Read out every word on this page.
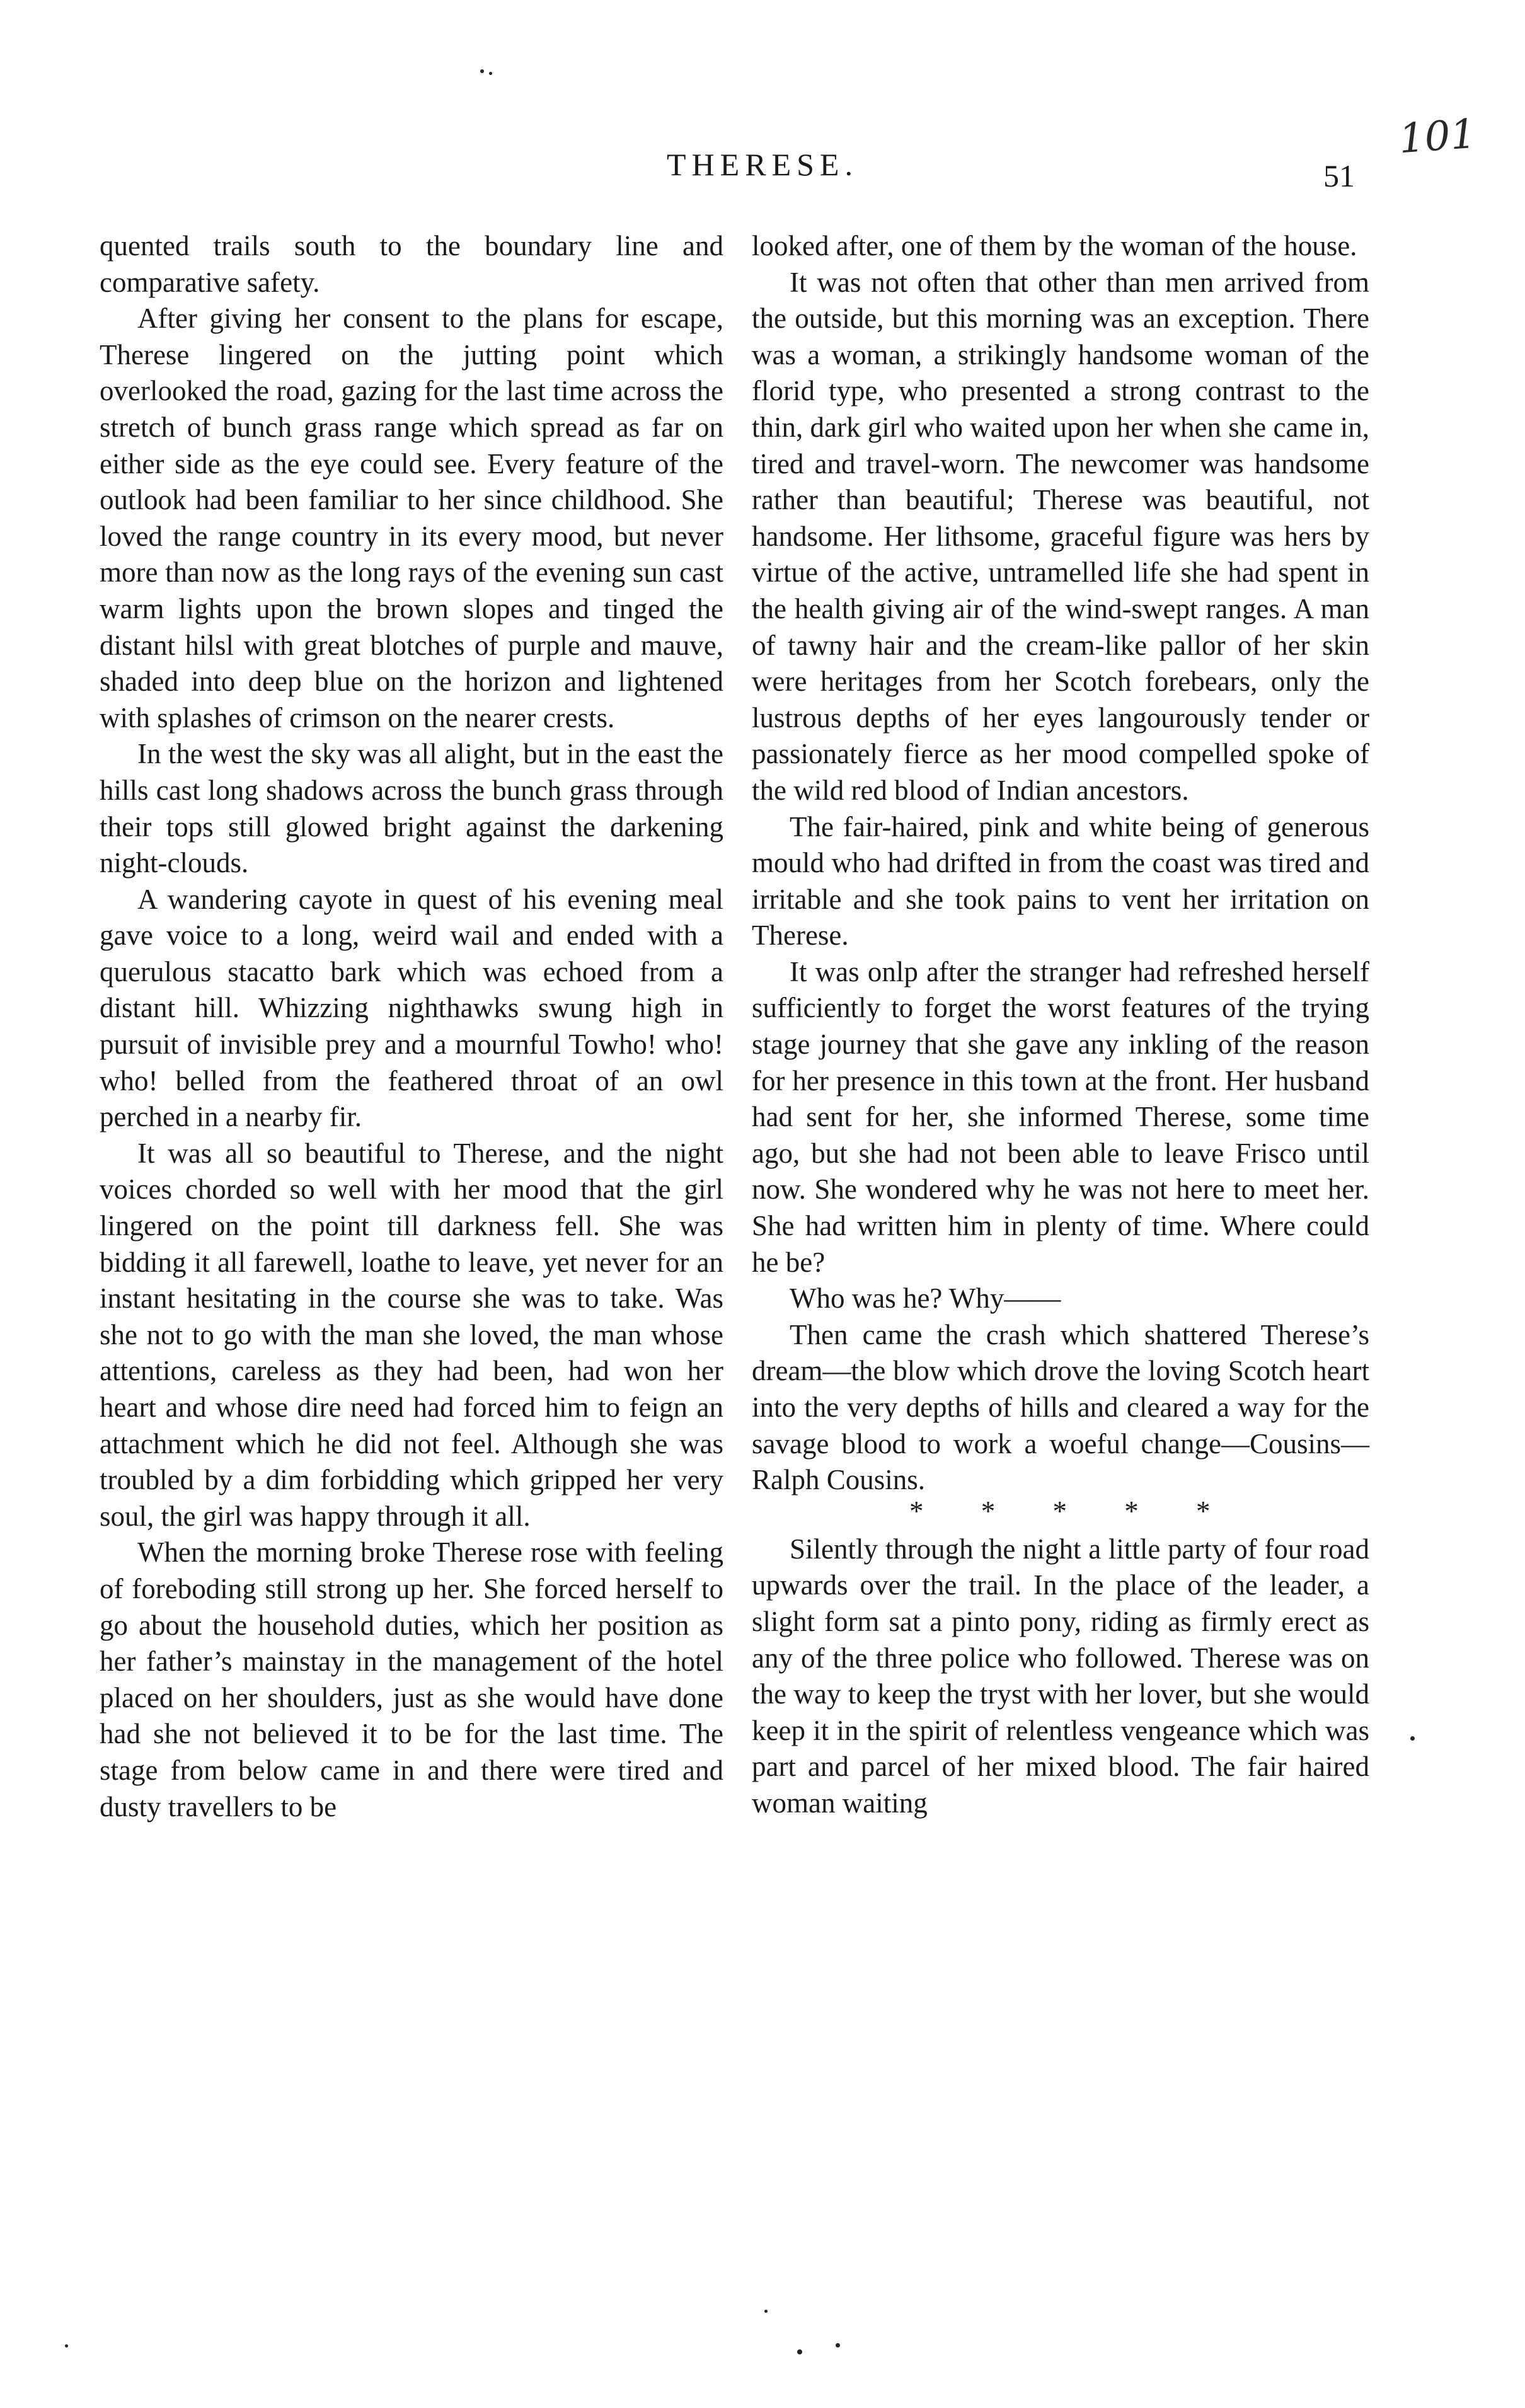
THERESE.	51
101

quented trails south to the boundary line and comparative safety.

After giving her consent to the plans for escape, Therese lingered on the jutting point which overlooked the road, gazing for the last time across the stretch of bunch grass range which spread as far on either side as the eye could see. Every feature of the outlook had been familiar to her since childhood. She loved the range country in its every mood, but never more than now as the long rays of the evening sun cast warm lights upon the brown slopes and tinged the distant hilsl with great blotches of purple and mauve, shaded into deep blue on the horizon and lightened with splashes of crimson on the nearer crests.

In the west the sky was all alight, but in the east the hills cast long shadows across the bunch grass through their tops still glowed bright against the darkening night-clouds.

A wandering cayote in quest of his evening meal gave voice to a long, weird wail and ended with a querulous stacatto bark which was echoed from a distant hill. Whizzing nighthawks swung high in pursuit of invisible prey and a mournful Towho! who! who! belled from the feathered throat of an owl perched in a nearby fir.

It was all so beautiful to Therese, and the night voices chorded so well with her mood that the girl lingered on the point till darkness fell. She was bidding it all farewell, loathe to leave, yet never for an instant hesitating in the course she was to take. Was she not to go with the man she loved, the man whose attentions, careless as they had been, had won her heart and whose dire need had forced him to feign an attachment which he did not feel. Although she was troubled by a dim forbidding which gripped her very soul, the girl was happy through it all.

When the morning broke Therese rose with feeling of foreboding still strong up her. She forced herself to go about the household duties, which her position as her father’s mainstay in the management of the hotel placed on her shoulders, just as she would have done had she not believed it to be for the last time. The stage from below came in and there were tired and dusty travellers to be

looked after, one of them by the woman of the house.

It was not often that other than men arrived from the outside, but this morning was an exception. There was a woman, a strikingly handsome woman of the florid type, who presented a strong contrast to the thin, dark girl who waited upon her when she came in, tired and travel-worn. The newcomer was handsome rather than beautiful; Therese was beautiful, not handsome. Her lithsome, graceful figure was hers by virtue of the active, untramelled life she had spent in the health giving air of the wind-swept ranges. A man of tawny hair and the cream-like pallor of her skin were heritages from her Scotch forebears, only the lustrous depths of her eyes langourously tender or passionately fierce as her mood compelled spoke of the wild red blood of Indian ancestors.

The fair-haired, pink and white being of generous mould who had drifted in from the coast was tired and irritable and she took pains to vent her irritation on Therese.

It was onlp after the stranger had refreshed herself sufficiently to forget the worst features of the trying stage journey that she gave any inkling of the reason for her presence in this town at the front. Her husband had sent for her, she informed Therese, some time ago, but she had not been able to leave Frisco until now. She wondered why he was not here to meet her. She had written him in plenty of time. Where could he be?

Who was he? Why——

Then came the crash which shattered Therese’s dream—the blow which drove the loving Scotch heart into the very depths of hills and cleared a way for the savage blood to work a woeful change—Cousins—Ralph Cousins.

* * * * *

Silently through the night a little party of four road upwards over the trail. In the place of the leader, a slight form sat a pinto pony, riding as firmly erect as any of the three police who followed. Therese was on the way to keep the tryst with her lover, but she would keep it in the spirit of relentless vengeance which was part and parcel of her mixed blood. The fair haired woman waiting
